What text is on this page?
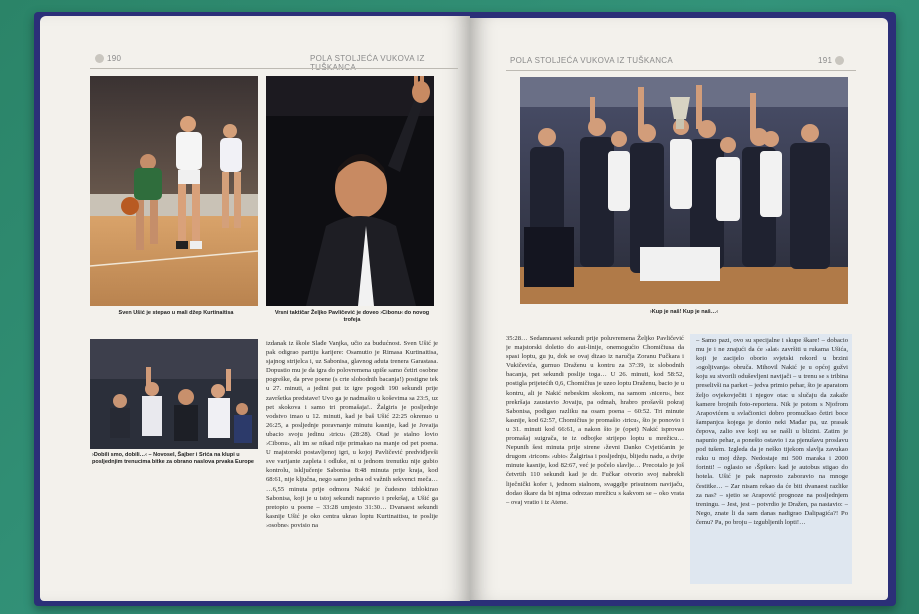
190	POLA STOLJEĆA VUKOVA IZ
Sven Ušić je stepao u mali džep Kurtinaitisa	Vrsni taktičar Željko Pavličević je doveo ›Cibonu‹ do novog trofeja
›Dobili smo, dobili…‹ – Novosel, Šajber i Srića na klupi u posljednjim trenucima bitke za obrano naslova prvaka Europe

izdanak iz škole Slađe Vanjka, učio za budućnost. Sven Ušić je pak odigrao partiju karijere: Osamutio je Rimasa Kurtinaitisa, sjajnog strijelca i, uz Sabonisa, glavnog aduta trenera Garastasa. Dopustio mu je da igra do polovremena upiše samo četiri osobne pogreške, da prve poene (s crte slobodnih bacanja!) postigne tek u 27. minuti, a jedini put iz igre pogodi 190 sekundi prije završetka predstave! Uvo ga je nadmašio u koševima sa 23:5, uz pet skokova i samo tri promašaja!.. Žalgiris je posljednje vodstvo imao u 12. minuti, kad je baš Ušić 22:25 okrenuo u 26:25, a posljednje poravnanje minutu kasnije, kad je Jovaija ubacio svoju jedinu ›tricu‹ (28:28). Otad je stalno lovio ›Cibonu‹, ali im se nikad nije primakao na manje od pet poena. U majstorski postavljenoj igri, u kojoj Pavličević predviđjevši sve varijante zapleta i odluke, ni u jednom trenutku nije gubio kontrolu, isključenje Sabonisa 8:48 minuta prije kraja, kod 68:61, nije ključna, nego samo jedna od važnih sekvenci meča… …6,55 minuta prije odmora Nakić je čudesno izblokirao Sabonisa, koji je u istoj sekundi napravio i prekršaj, a Ušić ga pretopio u poene – 33:28 umjesto 31:30… Dvanaest sekundi kasnije Ušić je oko centra ukrao loptu Kurtinaitisu, te poslije ›osobne‹ povisio na

POLA STOLJEĆA VUKOVA IZ TUŠKANCA	191
›Kup je naš! Kup je naš…‹

35:28… Sedamnaest sekundi prije poluvremena Željko Pavličević je majstorski doletio do aut-linije, onemogućio Chomičiusa da spasi loptu, gu ju, dok se ovaj dizao iz naručja Zoranu Fučkara i Vukičevića, gurnuo Draženu u kontru za 37:39, iz slobodnih bacanja, pet sekundi poslije toga… U 26. minuti, kod 58:52, postigla prijetećih 0,6, Chomičius je uzeo loptu Draženu, bacio je u kontru, ali je Nakić nebeskim skokom, na samom ›niceru‹, bez prekršaja zaustavio Jovaiju, pa odmah, hrabro prošavši pokraj Sabonisa, podigao razliku na osam poena – 60:52. Tri minute kasnije, kod 62:57, Chomičius je promašio ›tricu‹, što je ponovio i u 31. minuti kod 66:61, a nakon što je (opet) Nakić isprovao promašaj suigrača, te iz odbojke strijepo loptu u mrežicu… Nepunih šest minuta prije sirene ›ževni Danko Cvjetićanin je drugom ›tricom‹ ›ubio‹ Žalgirisa i posljednju, blijedu nadu, a dvije minute kasnije, kod 82:67, već je počelo slavlje… Precotalo je još četvrtih 110 sekundi kad je dr. Fučkar otvorio svoj nabrekli liječnički kofer i, jednom stalnom, svaggdje prisutnom navijaču, dodao škare da bi njima odrezao mrežicu s kakvom se – oko vrata – ovaj vratio i iz Atene.

– Samo pazi, ovo su specijalne i skupe škare! – dobacio mu je i ne znajući da će ›alat‹ završiti u rukama Ušića, koji je zacijelo oborio svjetski rekord u brzini ›ogoljivanja‹ obruča. Mihovil Nakić je u općoj gužvi koju su stvorili oduševljeni navijači – u trenu se s tribina preselivši na parket – jedva primio pehar, što je aparatom željo ovjekovječiti i njegov otac u slučaju da zakaže kamere brojnih foto-reportera. Nik je potom s Njofrom Arapovićem u svlačionici dobro promućkao četiri boce šampanjca kojega je donio neki Mađar pa, uz prasak čepova, zalio sve koji su se našli u blizini. Zatim je napunio pehar, a ponešto ostavio i za pjenušavu proslavu pod tušem. Izgleda da je neško tijekom slavlja zavukao ruku u moj džep. Nedostaje mi 500 maraka i 2000 forinti! – oglasio se ›Špiker‹ kad je autobus stigao do hotela. Ušić je pak naprosto zaboravio na mnoge čestitke… – Zar nisam rekao da će biti dvanaest razlike za nas? – sjetio se Arapović prognoze na posljednjem treningu. – Jest, jest – potvrdio je Dražen, pa nastavio: – Nego, znate li da sam danas nadigrao Dalipagića?! Po čemu? Pa, po broju – izgubljenih lopti!…
